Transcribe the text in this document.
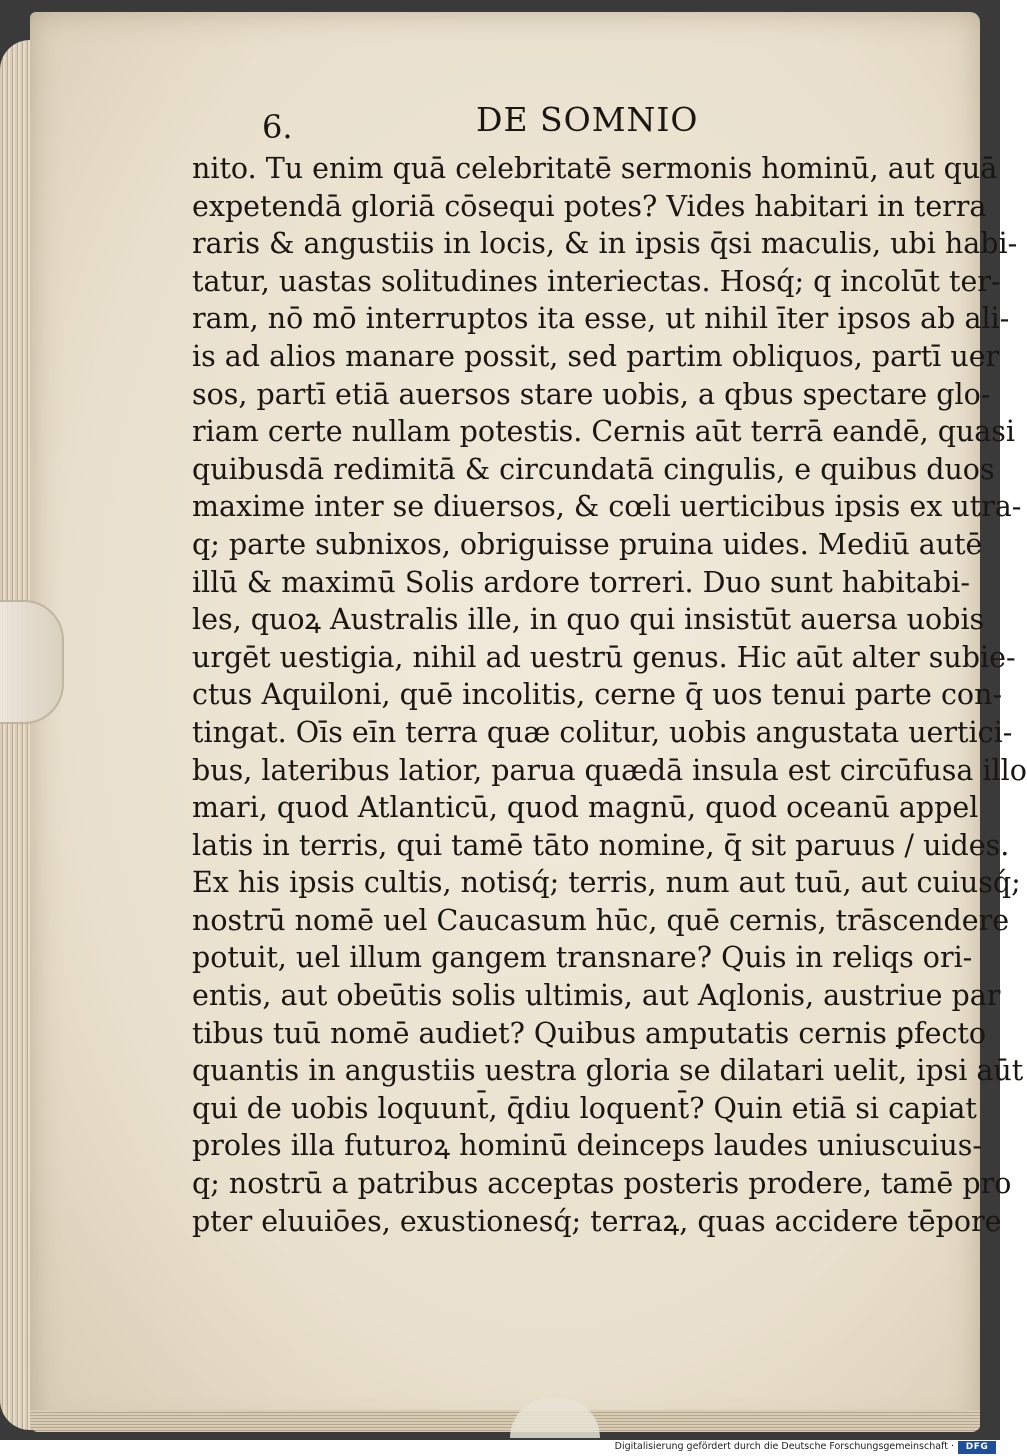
6.	DE SOMNIO
nito. Tu enim quā celebritatē sermonis hominū, aut quā
expetendā gloriā cōsequi potes? Vides habitari in terra
raris & angustiis in locis, & in ipsis q̄si maculis, ubi habi-
tatur, uastas solitudines interiectas. Hosq́; q incolūt ter-
ram, nō mō interruptos ita esse, ut nihil īter ipsos ab ali-
is ad alios manare possit, sed partim obliquos, partī uer
sos, partī etiā auersos stare uobis, a qbus spectare glo-
riam certe nullam potestis. Cernis aūt terrā eandē, quasi
quibusdā redimitā & circundatā cingulis, e quibus duos
maxime inter se diuersos, & cœli uerticibus ipsis ex utra-
q; parte subnixos, obriguisse pruina uides. Mediū autē
illū & maximū Solis ardore torreri. Duo sunt habitabi-
les, quoꝝ Australis ille, in quo qui insistūt auersa uobis
urgēt uestigia, nihil ad uestrū genus. Hic aūt alter subie-
ctus Aquiloni, quē incolitis, cerne q̄ uos tenui parte con-
tingat. Oīs eīn terra quæ colitur, uobis angustata uertici-
bus, lateribus latior, parua quædā insula est circūfusa illo
mari, quod Atlanticū, quod magnū, quod oceanū appel
latis in terris, qui tamē tāto nomine, q̄ sit paruus / uides.
Ex his ipsis cultis, notisq́; terris, num aut tuū, aut cuiusq́;
nostrū nomē uel Caucasum hūc, quē cernis, trāscendere
potuit, uel illum gangem transnare? Quis in reliqs ori-
entis, aut obeūtis solis ultimis, aut Aqlonis, austriue par
tibus tuū nomē audiet? Quibus amputatis cernis ꝑfecto
quantis in angustiis uestra gloria se dilatari uelit, ipsi aūt
qui de uobis loquunt̄, q̄diu loquent̄? Quin etiā si capiat
proles illa futuroꝝ hominū deinceps laudes uniuscuius-
q; nostrū a patribus acceptas posteris prodere, tamē pro
pter eluuiōes, exustionesq́; terraꝝ, quas accidere tēpore
Digitalisierung gefördert durch die Deutsche Forschungsgemeinschaft ·	DFG
